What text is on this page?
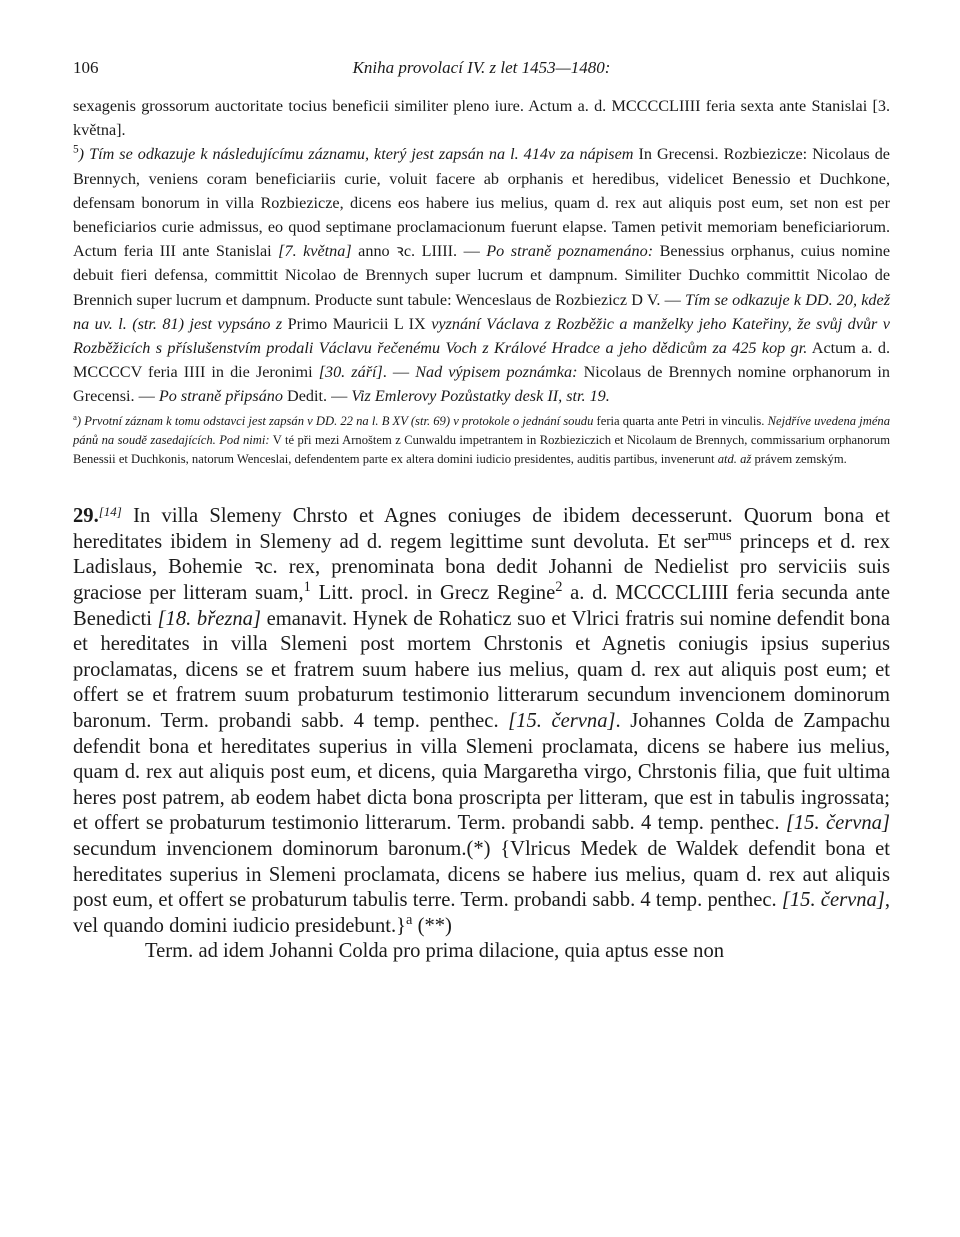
106	Kniha provolací IV. z let 1453—1480:

sexagenis grossorum auctoritate tocius beneficii similiter pleno iure. Actum a. d. MCCCCLIIII feria sexta ante Stanislai [3. května].

$^5$) Tím se odkazuje k následujícímu záznamu, který jest zapsán na l. 414v za nápisem In Grecensi. Rozbiezicze: Nicolaus de Brennych, veniens coram beneficiariis curie, voluit facere ab orphanis et heredibus, videlicet Benessio et Duchkone, defensam bonorum in villa Rozbiezicze, dicens eos habere ius melius, quam d. rex aut aliquis post eum, set non est per beneficiarios curie admissus, eo quod septimane proclamacionum fuerunt elapse. Tamen petivit memoriam beneficiariorum. Actum feria III ante Stanislai [7. května] anno ꝛc. LIIII. — Po straně poznamenáno: Benessius orphanus, cuius nomine debuit fieri defensa, committit Nicolao de Brennych super lucrum et dampnum. Similiter Duchko committit Nicolao de Brennich super lucrum et dampnum. Producte sunt tabule: Wenceslaus de Rozbiezicz D V. — Tím se odkazuje k DD. 20, kdež na uv. l. (str. 81) jest vypsáno z Primo Mauricii L IX vyznání Václava z Rozběžic a manželky jeho Kateřiny, že svůj dvůr v Rozběžicích s příslušenstvím prodali Václavu řečenému Voch z Králové Hradce a jeho dědicům za 425 kop gr. Actum a. d. MCCCCV feria IIII in die Jeronimi [30. září]. — Nad výpisem poznámka: Nicolaus de Brennych nomine orphanorum in Grecensi. — Po straně připsáno Dedit. — Viz Emlerovy Pozůstatky desk II, str. 19.

$^a$) Prvotní záznam k tomu odstavci jest zapsán v DD. 22 na l. B XV (str. 69) v protokole o jednání soudu feria quarta ante Petri in vinculis. Nejdříve uvedena jména pánů na soudě zasedajících. Pod nimi: V té při mezi Arnoštem z Cunwaldu impetrantem in Rozbieziczich et Nicolaum de Brennych, commissarium orphanorum Benessii et Duchkonis, natorum Wenceslai, defendentem parte ex altera domini iudicio presidentes, auditis partibus, invenerunt atd. až právem zemským.

29.[14] In villa Slemeny Chrsto et Agnes coniuges de ibidem decesserunt. Quorum bona et hereditates ibidem in Slemeny ad d. regem legittime sunt devoluta. Et ser$^{mus}$ princeps et d. rex Ladislaus, Bohemie ꝛc. rex, prenominata bona dedit Johanni de Nedielist pro serviciis suis graciose per litteram suam,$^1$ Litt. procl. in Grecz Regine$^2$ a. d. MCCCCLIIII feria secunda ante Benedicti [18. března] emanavit. Hynek de Rohaticz suo et Vlrici fratris sui nomine defendit bona et hereditates in villa Slemeni post mortem Chrstonis et Agnetis coniugis ipsius superius proclamatas, dicens se et fratrem suum habere ius melius, quam d. rex aut aliquis post eum; et offert se et fratrem suum probaturum testimonio litterarum secundum invencionem dominorum baronum. Term. probandi sabb. 4 temp. penthec. [15. června]. Johannes Colda de Zampachu defendit bona et hereditates superius in villa Slemeni proclamata, dicens se habere ius melius, quam d. rex aut aliquis post eum, et dicens, quia Margaretha virgo, Chrstonis filia, que fuit ultima heres post patrem, ab eodem habet dicta bona proscripta per litteram, que est in tabulis ingrossata; et offert se probaturum testimonio litterarum. Term. probandi sabb. 4 temp. penthec. [15. června] secundum invencionem dominorum baronum.(*) {Vlricus Medek de Waldek defendit bona et hereditates superius in Slemeni proclamata, dicens se habere ius melius, quam d. rex aut aliquis post eum, et offert se probaturum tabulis terre. Term. probandi sabb. 4 temp. penthec. [15. června], vel quando domini iudicio presidebunt.}$^a$ (**)

Term. ad idem Johanni Colda pro prima dilacione, quia aptus esse non
